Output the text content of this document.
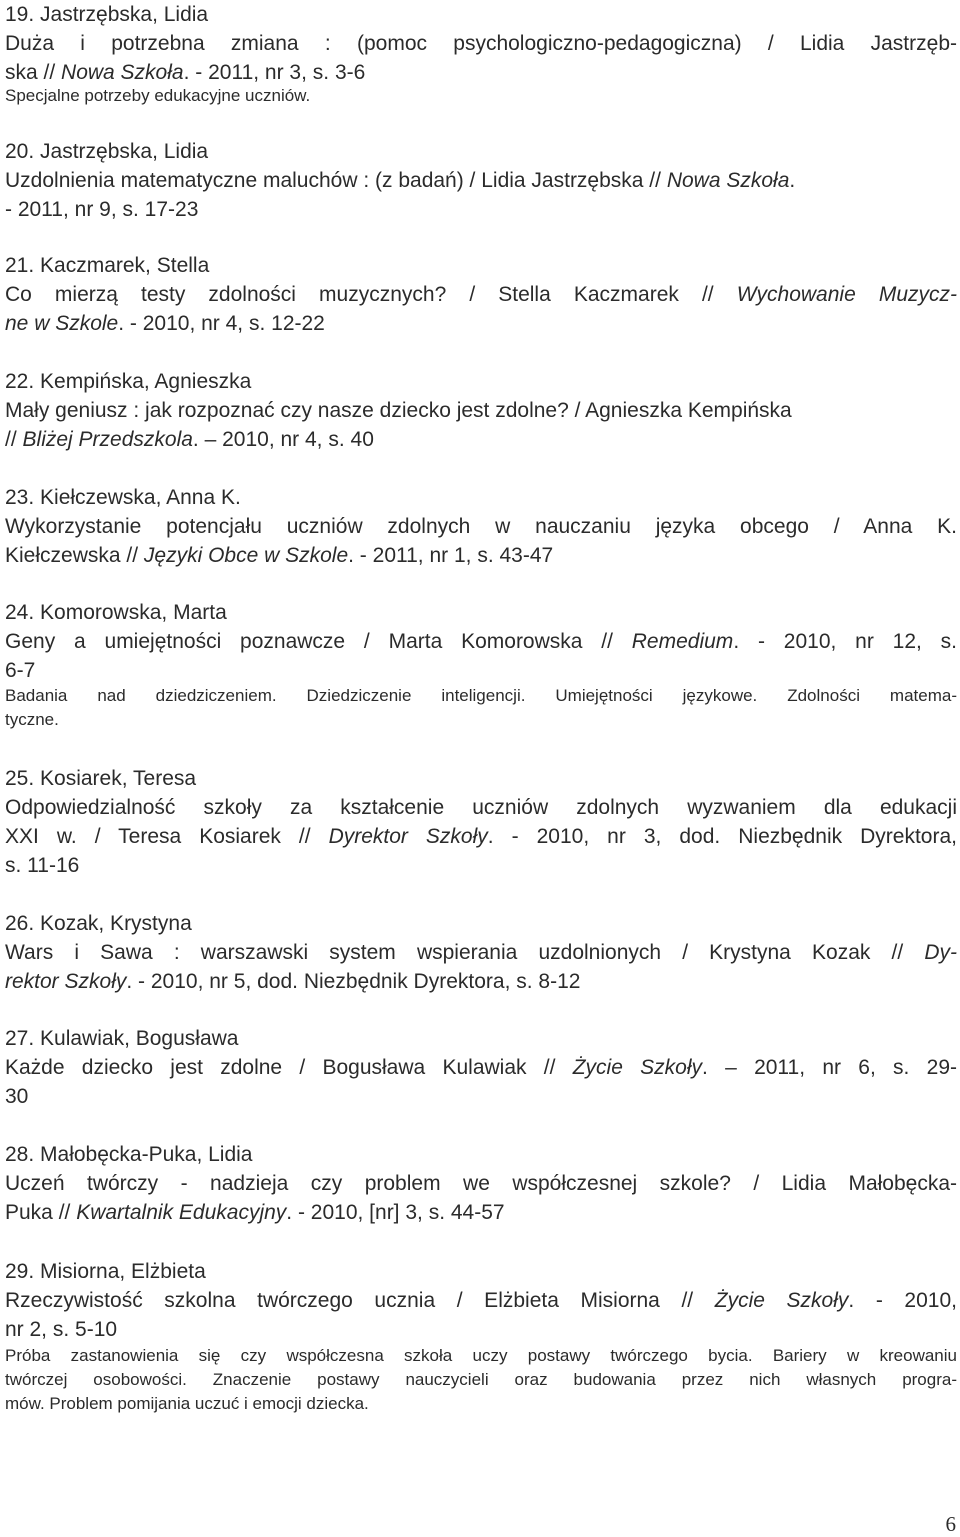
19. Jastrzębska, Lidia
Duża i potrzebna zmiana : (pomoc psychologiczno-pedagogiczna) / Lidia Jastrzęb-
ska // Nowa Szkoła. - 2011, nr 3, s. 3-6
Specjalne potrzeby edukacyjne uczniów.
20. Jastrzębska, Lidia
Uzdolnienia matematyczne maluchów : (z badań) / Lidia Jastrzębska // Nowa Szkoła.
- 2011, nr 9, s. 17-23
21. Kaczmarek, Stella
Co mierzą testy zdolności muzycznych? / Stella Kaczmarek // Wychowanie Muzycz-
ne w Szkole. - 2010, nr 4, s. 12-22
22. Kempińska, Agnieszka
Mały geniusz : jak rozpoznać czy nasze dziecko jest zdolne? / Agnieszka Kempińska
// Bliżej Przedszkola. – 2010, nr 4, s. 40
23. Kiełczewska, Anna K.
Wykorzystanie potencjału uczniów zdolnych w nauczaniu języka obcego / Anna K.
Kiełczewska // Języki Obce w Szkole. - 2011, nr 1, s. 43-47
24. Komorowska, Marta
Geny a umiejętności poznawcze / Marta Komorowska // Remedium. - 2010, nr 12, s.
6-7
Badania nad dziedziczeniem. Dziedziczenie inteligencji. Umiejętności językowe. Zdolności matema-
tyczne.
25. Kosiarek, Teresa
Odpowiedzialność szkoły za kształcenie uczniów zdolnych wyzwaniem dla edukacji
XXI w. / Teresa Kosiarek // Dyrektor Szkoły. - 2010, nr 3, dod. Niezbędnik Dyrektora,
s. 11-16
26. Kozak, Krystyna
Wars i Sawa : warszawski system wspierania uzdolnionych / Krystyna Kozak // Dy-
rektor Szkoły. - 2010, nr 5, dod. Niezbędnik Dyrektora, s. 8-12
27. Kulawiak, Bogusława
Każde dziecko jest zdolne / Bogusława Kulawiak // Życie Szkoły. – 2011, nr 6, s. 29-
30
28. Małobęcka-Puka, Lidia
Uczeń twórczy - nadzieja czy problem we współczesnej szkole? / Lidia Małobęcka-
Puka // Kwartalnik Edukacyjny. - 2010, [nr] 3, s. 44-57
29. Misiorna, Elżbieta
Rzeczywistość szkolna twórczego ucznia / Elżbieta Misiorna // Życie Szkoły. - 2010,
nr 2, s. 5-10
Próba zastanowienia się czy współczesna szkoła uczy postawy twórczego bycia. Bariery w kreowaniu
twórczej osobowości. Znaczenie postawy nauczycieli oraz budowania przez nich własnych progra-
mów. Problem pomijania uczuć i emocji dziecka.
6
